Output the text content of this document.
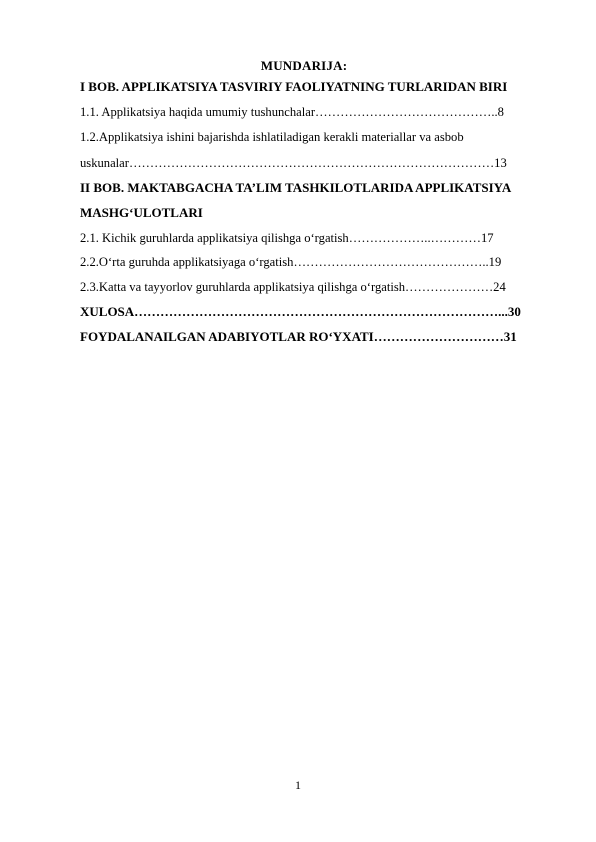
MUNDARIJA:
I BOB. APPLIKATSIYA TASVIRIY FAOLIYATNING TURLARIDAN BIRI
1.1. Applikatsiya haqida umumiy tushunchalar……………………………………..8
1.2.Applikatsiya ishini bajarishda ishlatiladigan kerakli materiallar va asbob
uskunalar……………………………………………………………………………13
II BOB. MAKTABGACHA TA’LIM TASHKILOTLARIDA APPLIKATSIYA
MASHG‘ULOTLARI
2.1. Kichik guruhlarda applikatsiya qilishga o‘rgatish………………..…………17
2.2.O‘rta guruhda applikatsiyaga o‘rgatish………………………………………..19
2.3.Katta va tayyorlov guruhlarda applikatsiya qilishga o‘rgatish…………………24
XULOSA…………………………………………………………………………...30
FOYDALANAILGAN ADABIYOTLAR RO‘YXATI…………………………31
1
